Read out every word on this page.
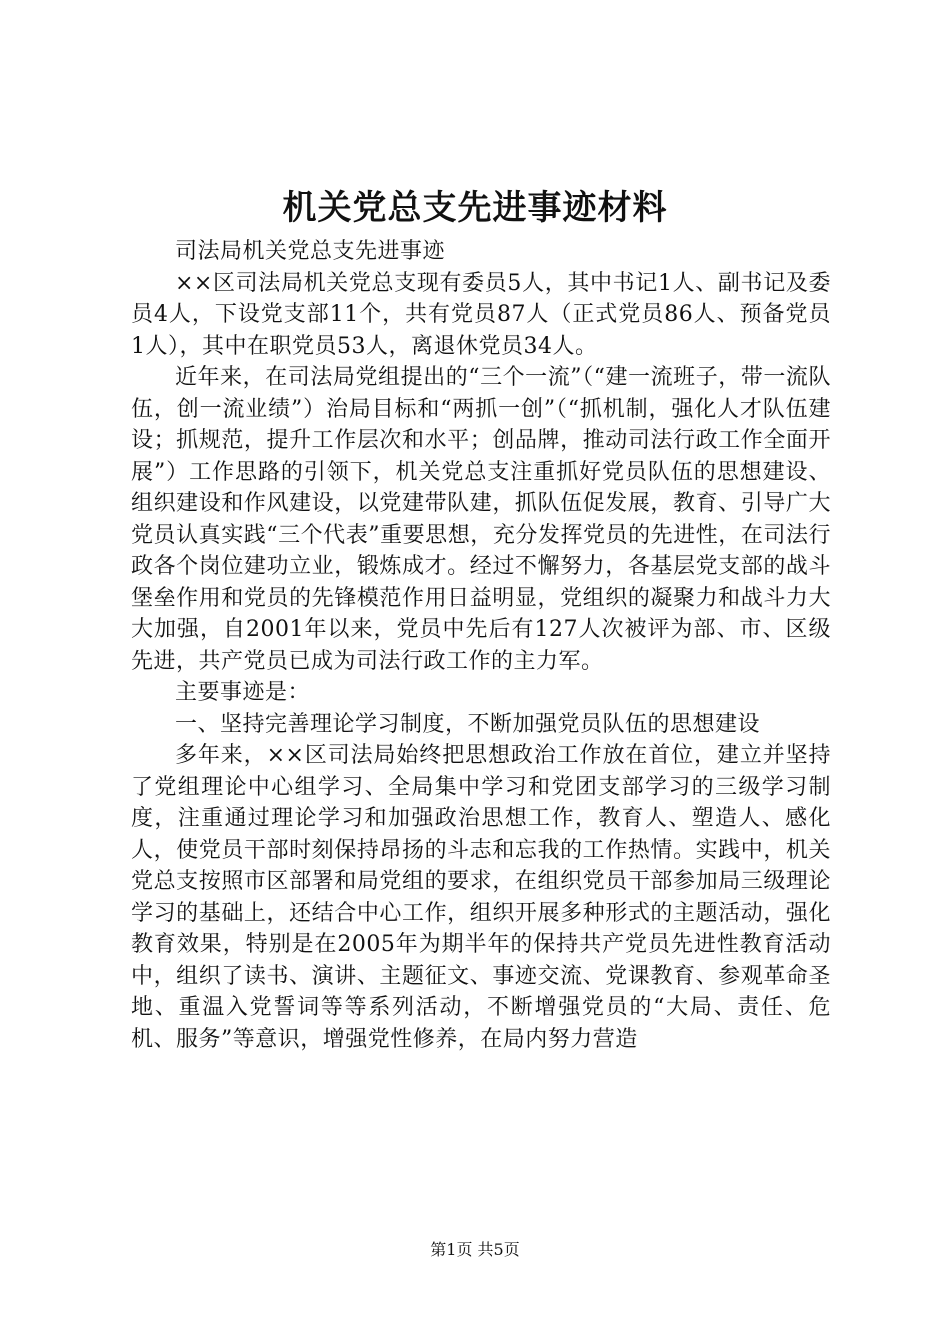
机关党总支先进事迹材料

司法局机关党总支先进事迹

××区司法局机关党总支现有委员5人，其中书记1人、副书记及委员4人，下设党支部11个，共有党员87人（正式党员86人、预备党员1人），其中在职党员53人，离退休党员34人。

近年来，在司法局党组提出的“三个一流”（“建一流班子，带一流队伍，创一流业绩”）治局目标和“两抓一创”（“抓机制，强化人才队伍建设；抓规范，提升工作层次和水平；创品牌，推动司法行政工作全面开展”）工作思路的引领下，机关党总支注重抓好党员队伍的思想建设、组织建设和作风建设，以党建带队建，抓队伍促发展，教育、引导广大党员认真实践“三个代表”重要思想，充分发挥党员的先进性，在司法行政各个岗位建功立业，锻炼成才。经过不懈努力，各基层党支部的战斗堡垒作用和党员的先锋模范作用日益明显，党组织的凝聚力和战斗力大大加强，自2001年以来，党员中先后有127人次被评为部、市、区级先进，共产党员已成为司法行政工作的主力军。

主要事迹是：

一、坚持完善理论学习制度，不断加强党员队伍的思想建设

多年来，××区司法局始终把思想政治工作放在首位，建立并坚持了党组理论中心组学习、全局集中学习和党团支部学习的三级学习制度，注重通过理论学习和加强政治思想工作，教育人、塑造人、感化人，使党员干部时刻保持昂扬的斗志和忘我的工作热情。实践中，机关党总支按照市区部署和局党组的要求，在组织党员干部参加局三级理论学习的基础上，还结合中心工作，组织开展多种形式的主题活动，强化教育效果，特别是在2005年为期半年的保持共产党员先进性教育活动中，组织了读书、演讲、主题征文、事迹交流、党课教育、参观革命圣地、重温入党誓词等等系列活动，不断增强党员的“大局、责任、危机、服务”等意识，增强党性修养，在局内努力营造

第1页 共5页
